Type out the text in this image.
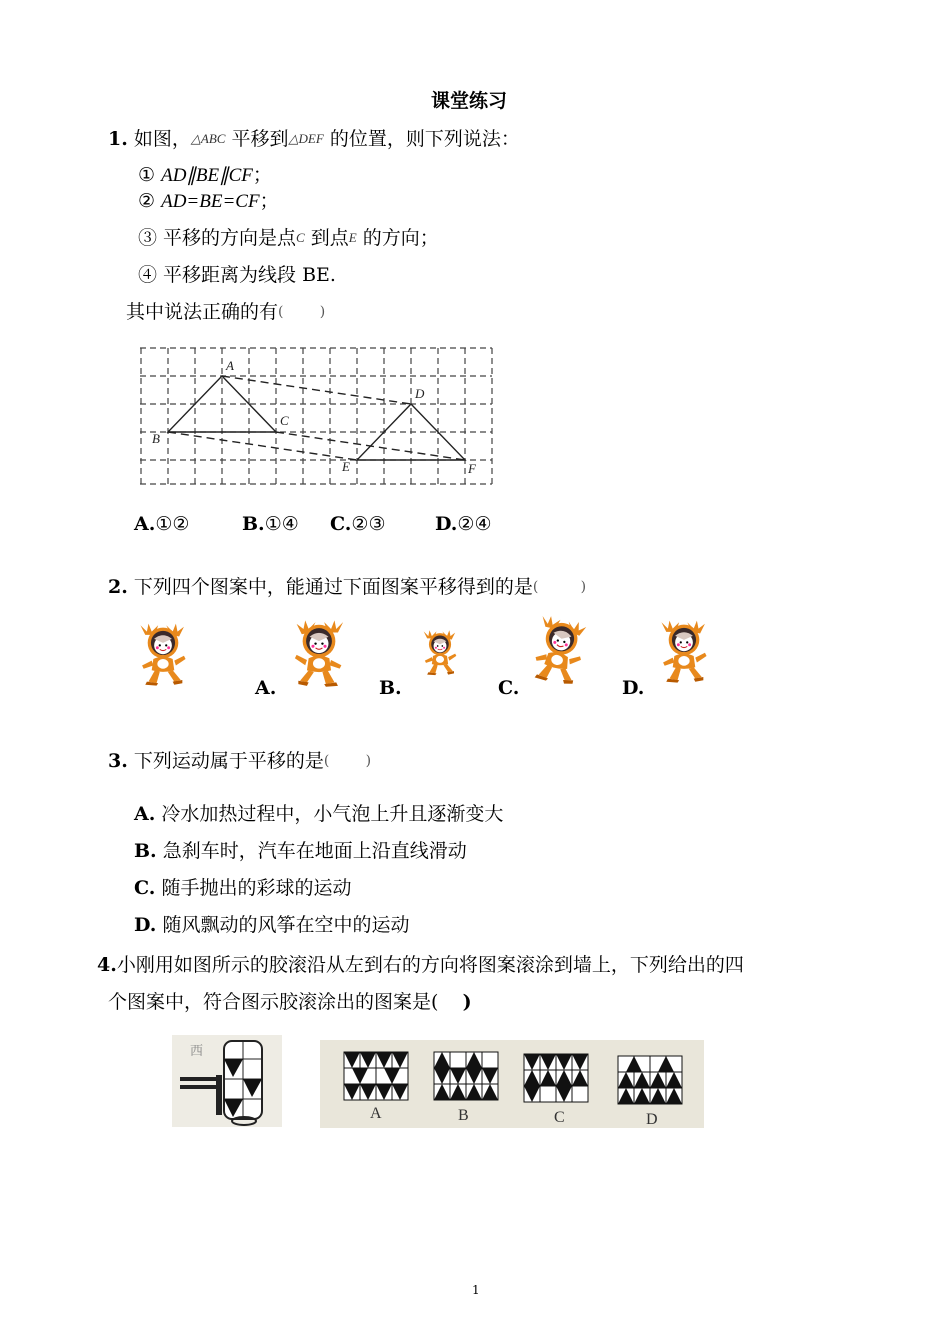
课堂练习
1. 如图，$^{\triangle ABC}$ 平移到$^{\triangle DEF}$ 的位置，则下列说法：
① AD∥BE∥CF；
② AD=BE=CF；
③ 平移的方向是点$^C$ 到点$^E$ 的方向；
④ 平移距离为线段 BE.
其中说法正确的有(	)
A
B
C
D
E	F
A.①②	B.①④ C.②③	D.②④
2. 下列四个图案中，能通过下面图案平移得到的是(	)
A.	B.	C.	D.
3. 下列运动属于平移的是(	)
A. 冷水加热过程中，小气泡上升且逐渐变大
B. 急刹车时，汽车在地面上沿直线滑动
C. 随手抛出的彩球的运动
D. 随风飘动的风筝在空中的运动
4.小刚用如图所示的胶滚沿从左到右的方向将图案滚涂到墙上，下列给出的四
个图案中，符合图示胶滚涂出的图案是( )
西
A	B	C	D
1
